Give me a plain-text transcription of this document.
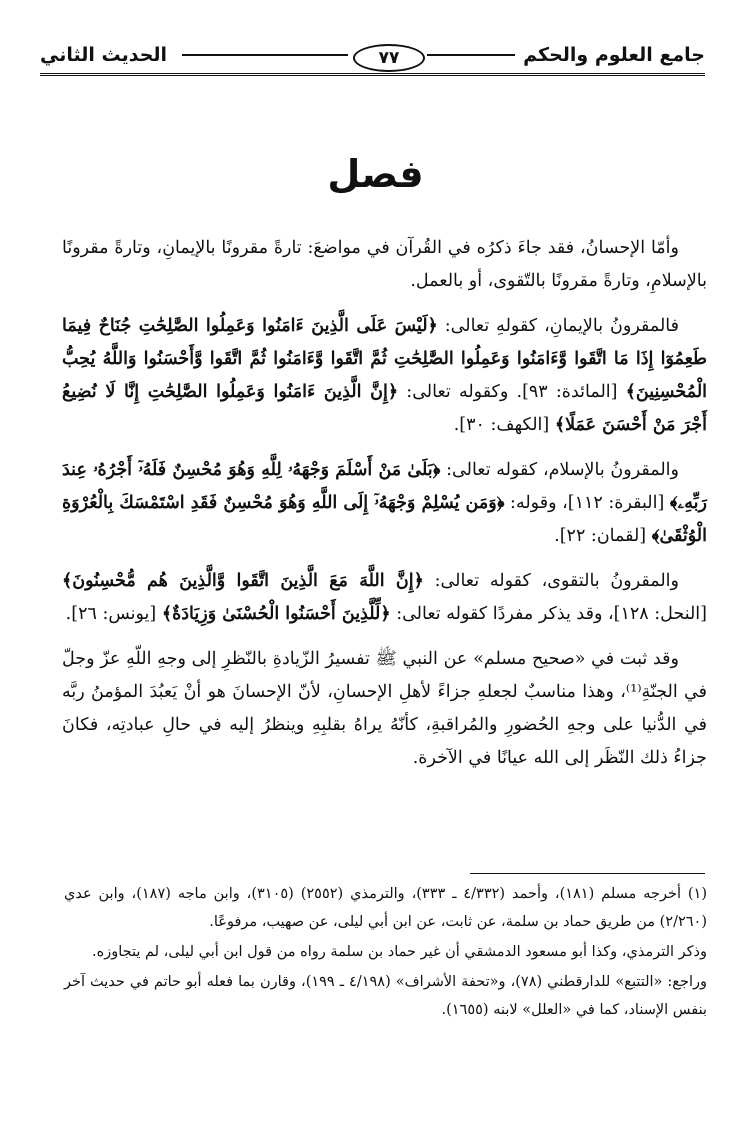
جامع العلوم والحكم
٧٧
الحديث الثاني
فصل

وأمّا الإحسانُ، فقد جاءَ ذكرُه في القُرآن في مواضعَ: تارةً مقرونًا بالإيمانِ، وتارةً مقرونًا بالإسلامِ، وتارةً مقرونًا بالتّقوى، أو بالعمل.

فالمقرونُ بالإيمانِ، كقولهِ تعالى: ﴿لَيْسَ عَلَى الَّذِينَ ءَامَنُوا وَعَمِلُوا الصَّٰلِحَٰتِ جُنَاحٌ فِيمَا طَعِمُوٓا إِذَا مَا اتَّقَوا وَّءَامَنُوا وَعَمِلُوا الصَّٰلِحَٰتِ ثُمَّ اتَّقَوا وَّءَامَنُوا ثُمَّ اتَّقَوا وَّأَحْسَنُوا وَاللَّهُ يُحِبُّ الْمُحْسِنِينَ﴾ [المائدة: ٩٣]. وكقوله تعالى: ﴿إِنَّ الَّذِينَ ءَامَنُوا وَعَمِلُوا الصَّٰلِحَٰتِ إِنَّا لَا نُضِيعُ أَجْرَ مَنْ أَحْسَنَ عَمَلًا﴾ [الكهف: ٣٠].

والمقرونُ بالإسلام، كقوله تعالى: ﴿بَلَىٰ مَنْ أَسْلَمَ وَجْهَهُۥ لِلَّهِ وَهُوَ مُحْسِنٌ فَلَهُۥٓ أَجْرُهُۥ عِندَ رَبِّهِۦ﴾ [البقرة: ١١٢]، وقوله: ﴿وَمَن يُسْلِمْ وَجْهَهُۥٓ إِلَى اللَّهِ وَهُوَ مُحْسِنٌ فَقَدِ اسْتَمْسَكَ بِالْعُرْوَةِ الْوُثْقَىٰ﴾ [لقمان: ٢٢].

والمقرونُ بالتقوى، كقوله تعالى: ﴿إِنَّ اللَّهَ مَعَ الَّذِينَ اتَّقَوا وَّالَّذِينَ هُم مُّحْسِنُونَ﴾ [النحل: ١٢٨]، وقد يذكر مفردًا كقوله تعالى: ﴿لِّلَّذِينَ أَحْسَنُوا الْحُسْنَىٰ وَزِيَادَةٌ﴾ [يونس: ٢٦].

وقد ثبت في «صحيح مسلم» عن النبي ﷺ تفسيرُ الزّيادةِ بالنّظرِ إلى وجهِ اللّهِ عزّ وجلّ في الجنّةِ⁽¹⁾، وهذا مناسبٌ لجعلهِ جزاءً لأهلِ الإحسانِ، لأنّ الإحسانَ هو أنْ يَعبُدَ المؤمنُ ربَّه في الدُّنيا على وجهِ الحُضورِ والمُراقبةِ، كأنّهُ يراهُ بقلبِهِ وينظرُ إليه في حالِ عبادتِه، فكانَ جزاءُ ذلك النّظَر إلى الله عيانًا في الآخرة.

(١) أخرجه مسلم (١٨١)، وأحمد (٤/٣٣٢ ـ ٣٣٣)، والترمذي (٢٥٥٢) (٣١٠٥)، وابن ماجه (١٨٧)، وابن عدي (٢/٢٦٠) من طريق حماد بن سلمة، عن ثابت، عن ابن أبي ليلى، عن صهيب، مرفوعًا.

وذكر الترمذي، وكذا أبو مسعود الدمشقي أن غير حماد بن سلمة رواه من قول ابن أبي ليلى، لم يتجاوزه.

وراجع: «التتبع» للدارقطني (٧٨)، و«تحفة الأشراف» (٤/١٩٨ ـ ١٩٩)، وقارن بما فعله أبو حاتم في حديث آخر بنفس الإسناد، كما في «العلل» لابنه (١٦٥٥).
